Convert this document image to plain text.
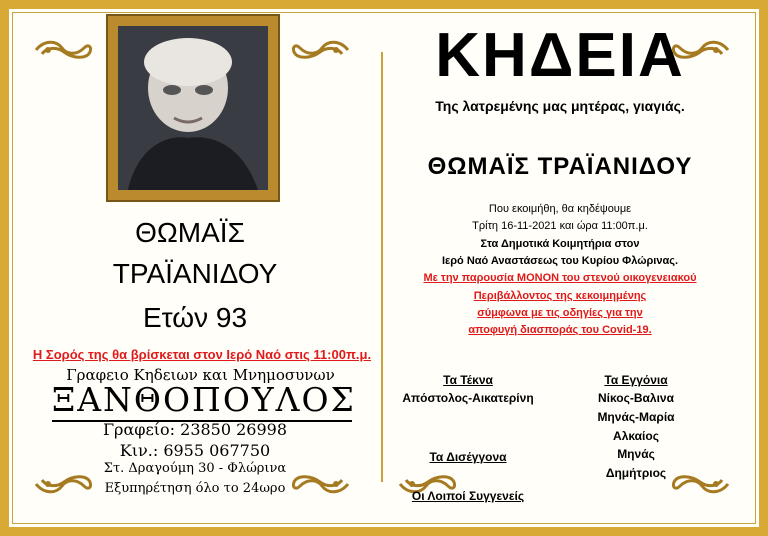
ΘΩΜΑΪΣ
ΤΡΑΪΑΝΙΔΟΥ
Ετών 93
Η Σορός της θα βρίσκεται στον Ιερό Ναό στις 11:00π.μ.
Γραφειο Κηδειων και Μνημοσυνων
ΞΑΝΘΟΠΟΥΛΟΣ
Γραφείο: 23850 26998
Κιν.: 6955 067750
Στ. Δραγούμη 30 - Φλώρινα
Εξυπηρέτηση όλο το 24ωρο
ΚΗΔΕΙΑ
Της λατρεμένης μας μητέρας, γιαγιάς.
ΘΩΜΑΪΣ ΤΡΑΪΑΝΙΔΟΥ
Που εκοιμήθη, θα κηδέψουμε
Τρίτη 16-11-2021 και ώρα 11:00π.μ.
Στα Δημοτικά Κοιμητήρια στον
Ιερό Ναό Αναστάσεως του Κυρίου Φλώρινας.
Με την παρουσία ΜΟΝΟΝ του στενού οικογενειακού
Περιβάλλοντος της κεκοιμημένης
σύμφωνα με τις οδηγίες για την
αποφυγή διασποράς του Covid-19.
Τα Τέκνα
Απόστολος-Αικατερίνη
Τα Εγγόνια
Νίκος-Βαλινα
Μηνάς-Μαρία
Αλκαίος
Μηνάς
Δημήτριος
Τα Δισέγγονα
Οι Λοιποί Συγγενείς
